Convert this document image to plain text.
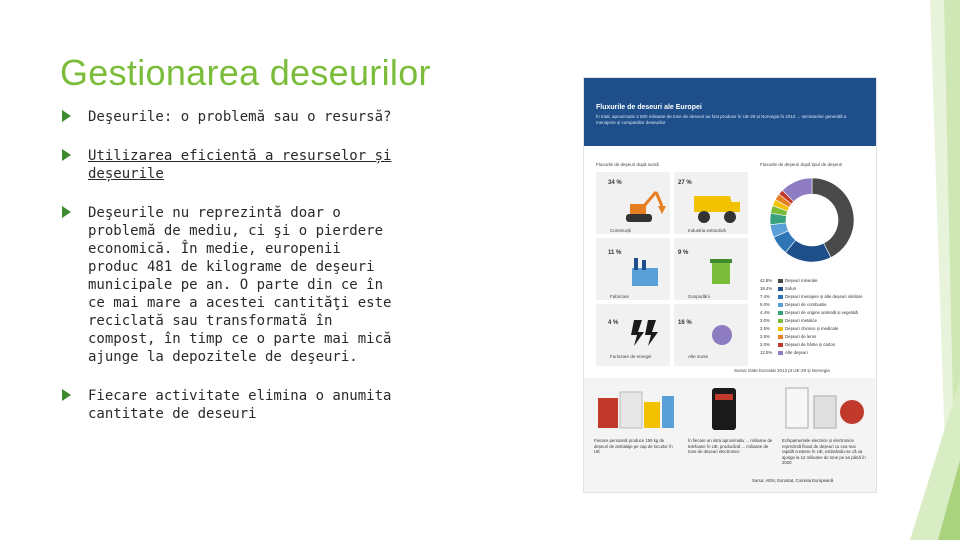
Gestionarea deseurilor
Deşeurile: o problemă sau o resursă?
Utilizarea eficientă a resurselor și deșeurile
Deşeurile nu reprezintă doar o problemă de mediu, ci şi o pierdere economică. În medie, europenii produc 481 de kilograme de deşeuri municipale pe an. O parte din ce în ce mai mare a acestei cantităţi este reciclată sau transformată în compost, în timp ce o parte mai mică ajunge la depozitele de deşeuri.
Fiecare activitate elimina o anumita cantitate de deseuri
Fluxurile de deseuri ale Europei
În total, aproximativ 2 500 milioane de tone de deseuri au fost produse în UE-28 și Norvegia în 2010 ... sectoarelor generală a menajerie și companiilor deseurilor
Fluxurile de deşeuri după sursă	Fluxurile de deşeuri după tipul de deşeuri
34 %	27 %
11 %	9 %
4 %	16 %
Construcții	Industria extractivă
Fabricare	Gospodării
Furnizare de energie	Alte surse
42.8%	Deşeuri minerale
18.4%	Soluri
7.4%	Deşeuri menajere și alte deşeuri similare
5.0%	Deşeuri de combustie
4.4%	Deşeuri de origine animală și vegetală
3.0%	Deşeuri metalice
2.5%	Deşeuri chimice și medicale
2.5%	Deşeuri de lemn
2.0%	Deşeuri de hârtie și carton
12.5%	Alte deşeuri
Sursa: Date Eurostat 2013 pt UE-28 și Norvegia
Fiecare persoană produce 159 kg de deșeuri de ambalaje pe cap de locuitor în UE
În fiecare an intra aproximativ ... milioane de telefoane în UE, producând ... milioane de tone de deșeuri electronice
Echipamentele electrice și electronice reprezintă fluxul de deșeuri cu cea mai rapidă creștere în UE, estimându-se că va ajunge la 12 milioane de tone pe an până în 2020
Sursa: AEM, Eurostat, Comisia Europeană
